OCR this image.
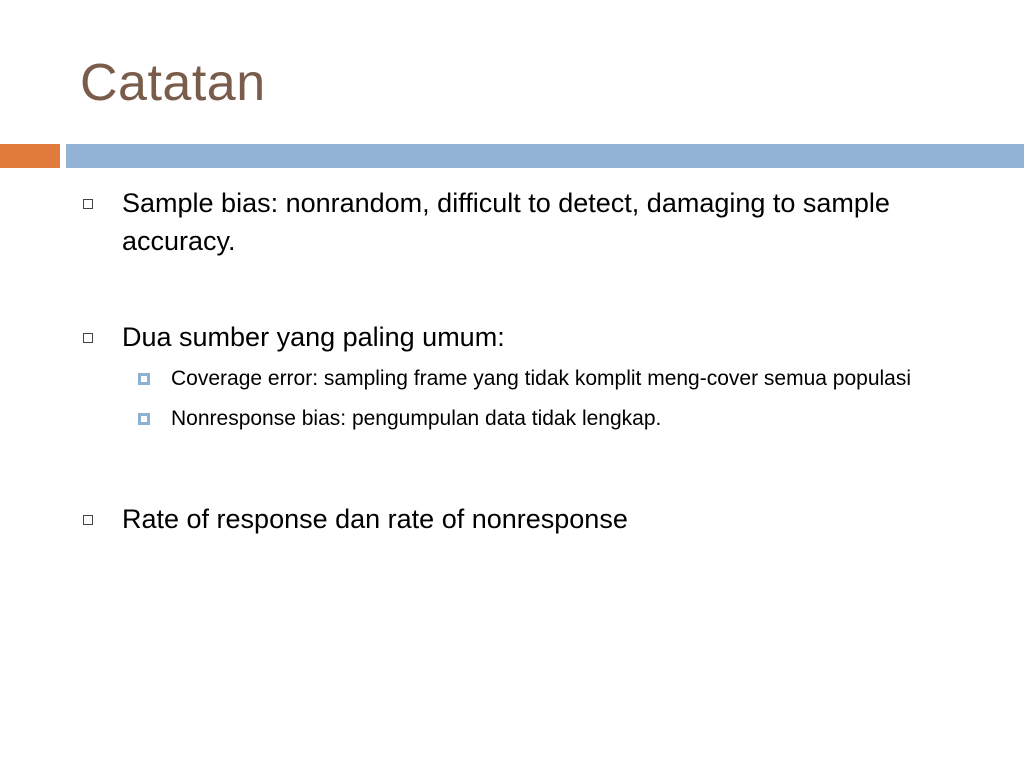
Catatan
Sample bias: nonrandom, difficult to detect, damaging to sample accuracy.
Dua sumber yang paling umum:
Coverage error: sampling frame yang tidak komplit meng-cover semua populasi
Nonresponse bias: pengumpulan data tidak lengkap.
Rate of response dan rate of nonresponse
